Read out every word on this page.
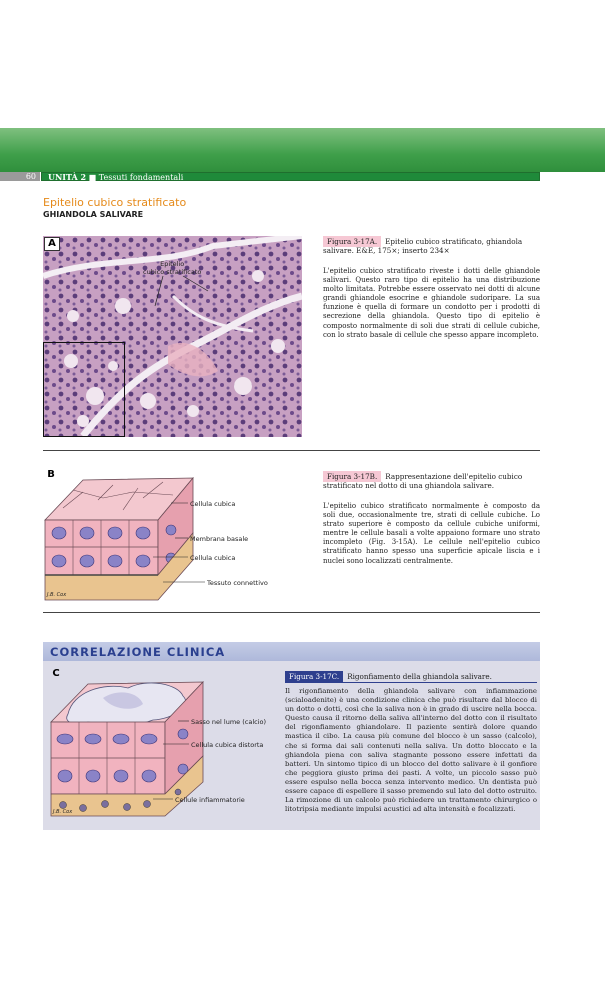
60	UNITÀ 2 ■ Tessuti fondamentali
Epitelio cubico stratificato
GHIANDOLA SALIVARE
Epitelio
cubico stratificato
A	Figura 3-17A. Epitelio cubico stratificato, ghiandola salivare. E&E, 175×; inserto 234×
L'epitelio cubico stratificato riveste i dotti delle ghiandole salivari. Questo raro tipo di epitelio ha una distribuzione molto limitata. Potrebbe essere osservato nei dotti di alcune grandi ghiandole esocrine e ghiandole sudoripare. La sua funzione è quella di formare un condotto per i prodotti di secrezione della ghiandola. Questo tipo di epitelio è composto normalmente di soli due strati di cellule cubiche, con lo strato basale di cellule che spesso appare incompleto.
B
Cellula cubica
Membrana basale
Cellula cubica
Tessuto connettivo
J.B. Cox
Figura 3-17B. Rappresentazione dell'epitelio cubico stratificato nel dotto di una ghiandola salivare.
L'epitelio cubico stratificato normalmente è composto da soli due, occasionalmente tre, strati di cellule cubiche. Lo strato superiore è composto da cellule cubiche uniformi, mentre le cellule basali a volte appaiono formare uno strato incompleto (Fig. 3-15A). Le cellule nell'epitelio cubico stratificato hanno spesso una superficie apicale liscia e i nuclei sono localizzati centralmente.
CORRELAZIONE CLINICA
C
Sasso nel lume (calcio)
Cellula cubica distorta
Cellule infiammatorie
J.B. Cox
Figura 3-17C. Rigonfiamento della ghiandola salivare.
Il rigonfiamento della ghiandola salivare con infiammazione (scialoadenite) è una condizione clinica che può risultare dal blocco di un dotto o dotti, così che la saliva non è in grado di uscire nella bocca. Questo causa il ritorno della saliva all'interno del dotto con il risultato del rigonfiamento ghiandolare. Il paziente sentirà dolore quando mastica il cibo. La causa più comune del blocco è un sasso (calcolo), che si forma dai sali contenuti nella saliva. Un dotto bloccato e la ghiandola piena con saliva stagnante possono essere infettati da batteri. Un sintomo tipico di un blocco del dotto salivare è il gonfiore che peggiora giusto prima dei pasti. A volte, un piccolo sasso può essere espulso nella bocca senza intervento medico. Un dentista può essere capace di espellere il sasso premendo sul lato del dotto ostruito. La rimozione di un calcolo può richiedere un trattamento chirurgico o litotripsia mediante impulsi acustici ad alta intensità e focalizzati.
